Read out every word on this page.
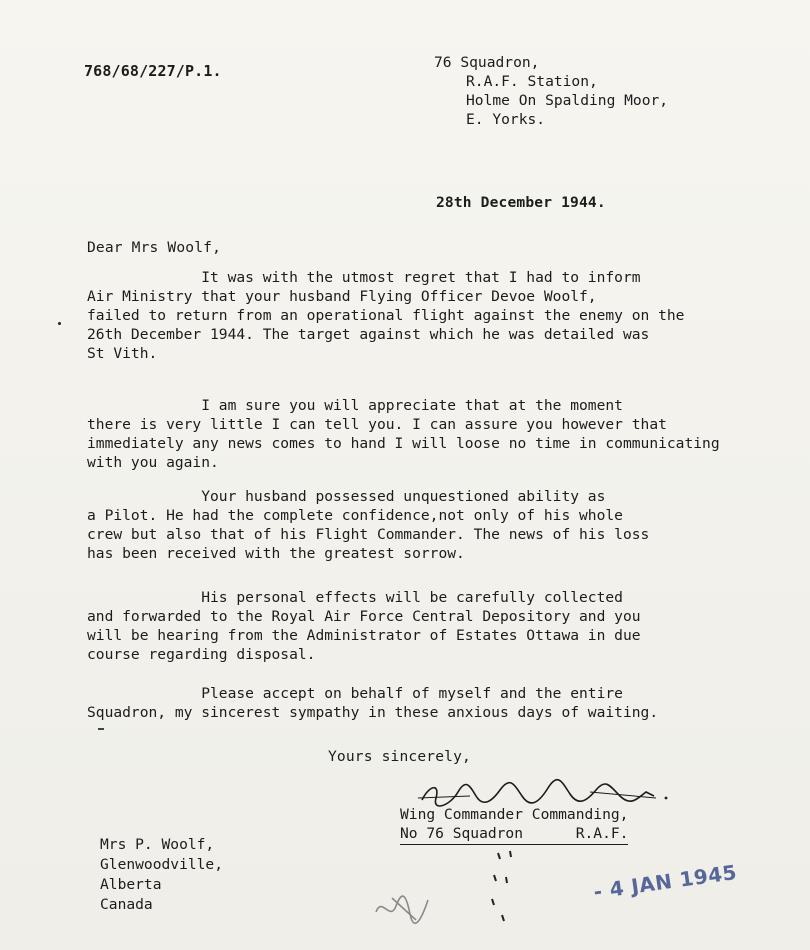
768/68/227/P.1.	76 Squadron,
R.A.F. Station,
Holme On Spalding Moor,
E. Yorks.
28th December 1944.
Dear Mrs Woolf,
It was with the utmost regret that I had to inform
Air Ministry that your husband Flying Officer Devoe Woolf,
failed to return from an operational flight against the enemy on the
26th December 1944. The target against which he was detailed was
St Vith.
I am sure you will appreciate that at the moment
there is very little I can tell you. I can assure you however that
immediately any news comes to hand I will loose no time in communicating
with you again.
Your husband possessed unquestioned ability as
a Pilot. He had the complete confidence,not only of his whole
crew but also that of his Flight Commander. The news of his loss
has been received with the greatest sorrow.
His personal effects will be carefully collected
and forwarded to the Royal Air Force Central Depository and you
will be hearing from the Administrator of Estates Ottawa in due
course regarding disposal.
Please accept on behalf of myself and the entire
Squadron, my sincerest sympathy in these anxious days of waiting.
Yours sincerely,
Wing Commander Commanding,
No 76 Squadron      R.A.F.
Mrs P. Woolf,
Glenwoodville,
Alberta
Canada
- 4 JAN 1945
